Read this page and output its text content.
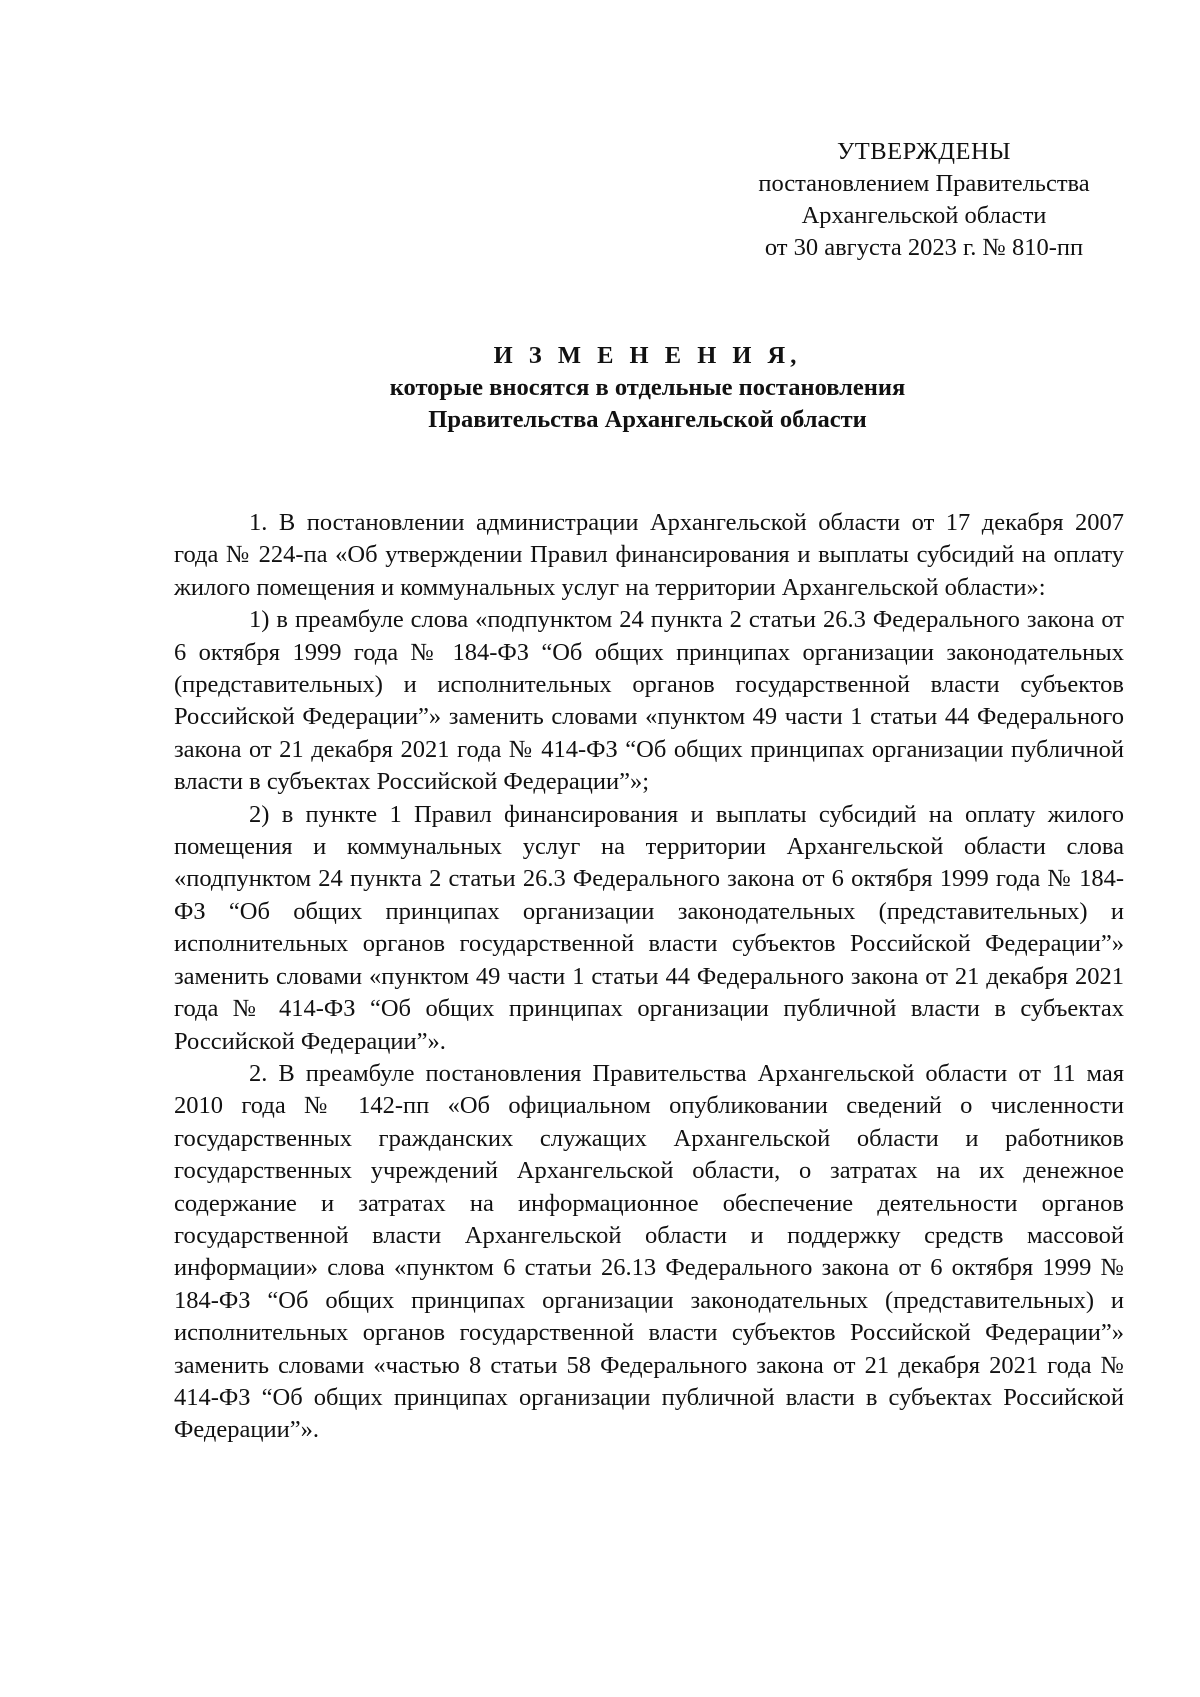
УТВЕРЖДЕНЫ
постановлением Правительства
Архангельской области
от 30 августа 2023 г. № 810-пп
И З М Е Н Е Н И Я,
которые вносятся в отдельные постановления
Правительства Архангельской области

1. В постановлении администрации Архангельской области от 17 декабря 2007 года № 224-па «Об утверждении Правил финансирования и выплаты субсидий на оплату жилого помещения и коммунальных услуг на территории Архангельской области»:

1) в преамбуле слова «подпунктом 24 пункта 2 статьи 26.3 Федерального закона от 6 октября 1999 года № 184-ФЗ “Об общих принципах организации законодательных (представительных) и исполнительных органов государственной власти субъектов Российской Федерации”» заменить словами «пунктом 49 части 1 статьи 44 Федерального закона от 21 декабря 2021 года № 414-ФЗ “Об общих принципах организации публичной власти в субъектах Российской Федерации”»;

2) в пункте 1 Правил финансирования и выплаты субсидий на оплату жилого помещения и коммунальных услуг на территории Архангельской области слова «подпунктом 24 пункта 2 статьи 26.3 Федерального закона от 6 октября 1999 года № 184-ФЗ “Об общих принципах организации законодательных (представительных) и исполнительных органов государственной власти субъектов Российской Федерации”» заменить словами «пунктом 49 части 1 статьи 44 Федерального закона от 21 декабря 2021 года № 414-ФЗ “Об общих принципах организации публичной власти в субъектах Российской Федерации”».

2. В преамбуле постановления Правительства Архангельской области от 11 мая 2010 года № 142-пп «Об официальном опубликовании сведений о численности государственных гражданских служащих Архангельской области и работников государственных учреждений Архангельской области, о затратах на их денежное содержание и затратах на информационное обеспечение деятельности органов государственной власти Архангельской области и поддержку средств массовой информации» слова «пунктом 6 статьи 26.13 Федерального закона от 6 октября 1999 № 184-ФЗ “Об общих принципах организации законодательных (представительных) и исполнительных органов государственной власти субъектов Российской Федерации”» заменить словами «частью 8 статьи 58 Федерального закона от 21 декабря 2021 года № 414-ФЗ “Об общих принципах организации публичной власти в субъектах Российской Федерации”».
